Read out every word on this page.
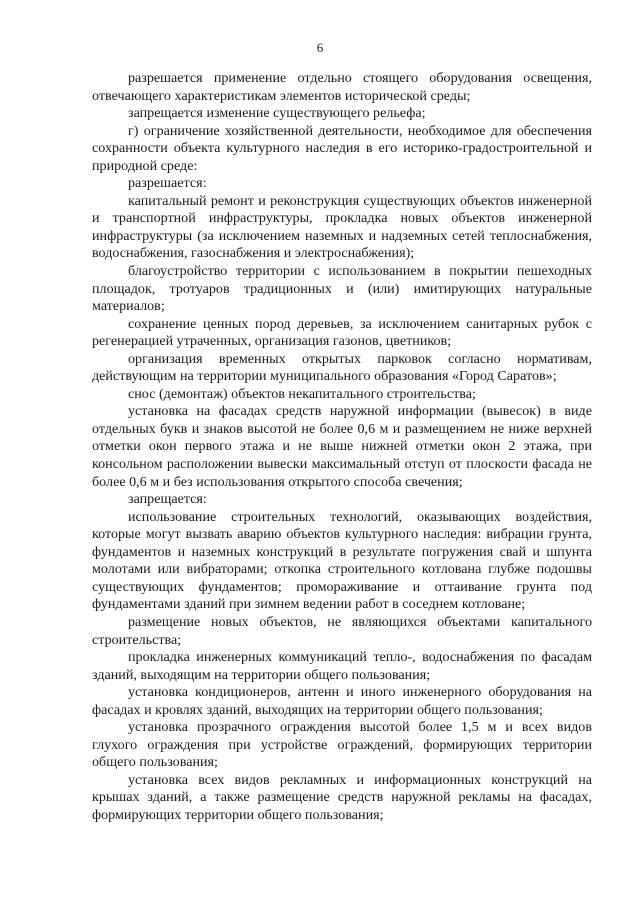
6

разрешается применение отдельно стоящего оборудования освещения, отвечающего характеристикам элементов исторической среды;

запрещается изменение существующего рельефа;

г) ограничение хозяйственной деятельности, необходимое для обеспечения сохранности объекта культурного наследия в его историко-градостроительной и природной среде:

разрешается:

капитальный ремонт и реконструкция существующих объектов инженерной и транспортной инфраструктуры, прокладка новых объектов инженерной инфраструктуры (за исключением наземных и надземных сетей теплоснабжения, водоснабжения, газоснабжения и электроснабжения);

благоустройство территории с использованием в покрытии пешеходных площадок, тротуаров традиционных и (или) имитирующих натуральные материалов;

сохранение ценных пород деревьев, за исключением санитарных рубок с регенерацией утраченных, организация газонов, цветников;

организация временных открытых парковок согласно нормативам, действующим на территории муниципального образования «Город Саратов»;

снос (демонтаж) объектов некапитального строительства;

установка на фасадах средств наружной информации (вывесок) в виде отдельных букв и знаков высотой не более 0,6 м и размещением не ниже верхней отметки окон первого этажа и не выше нижней отметки окон 2 этажа, при консольном расположении вывески максимальный отступ от плоскости фасада не более 0,6 м и без использования открытого способа свечения;

запрещается:

использование строительных технологий, оказывающих воздействия, которые могут вызвать аварию объектов культурного наследия: вибрации грунта, фундаментов и наземных конструкций в результате погружения свай и шпунта молотами или вибраторами; откопка строительного котлована глубже подошвы существующих фундаментов; промораживание и оттаивание грунта под фундаментами зданий при зимнем ведении работ в соседнем котловане;

размещение новых объектов, не являющихся объектами капитального строительства;

прокладка инженерных коммуникаций тепло-, водоснабжения по фасадам зданий, выходящим на территории общего пользования;

установка кондиционеров, антенн и иного инженерного оборудования на фасадах и кровлях зданий, выходящих на территории общего пользования;

установка прозрачного ограждения высотой более 1,5 м и всех видов глухого ограждения при устройстве ограждений, формирующих территории общего пользования;

установка всех видов рекламных и информационных конструкций на крышах зданий, а также размещение средств наружной рекламы на фасадах, формирующих территории общего пользования;
